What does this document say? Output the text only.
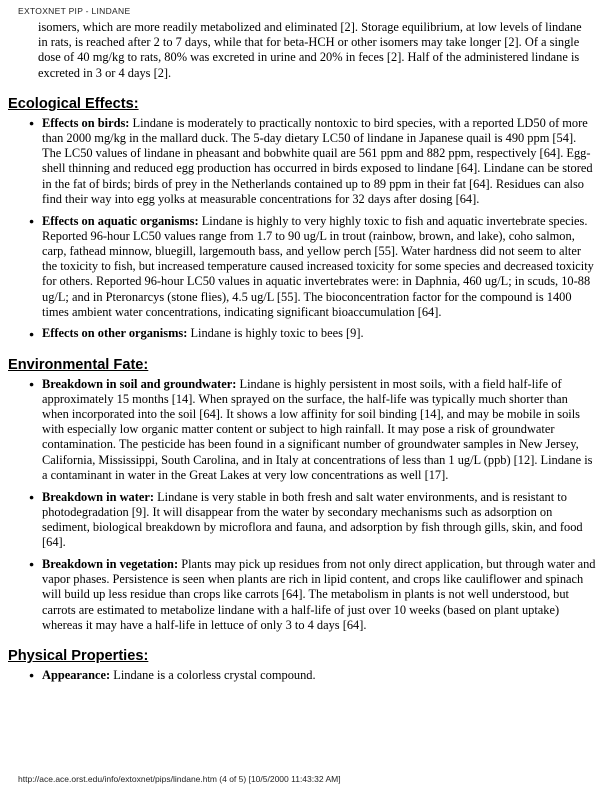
EXTOXNET PIP - LINDANE

isomers, which are more readily metabolized and eliminated [2]. Storage equilibrium, at low levels of lindane in rats, is reached after 2 to 7 days, while that for beta-HCH or other isomers may take longer [2]. Of a single dose of 40 mg/kg to rats, 80% was excreted in urine and 20% in feces [2]. Half of the administered lindane is excreted in 3 or 4 days [2].

Ecological Effects:
● Effects on birds: Lindane is moderately to practically nontoxic to bird species, with a reported LD50 of more than 2000 mg/kg in the mallard duck. The 5-day dietary LC50 of lindane in Japanese quail is 490 ppm [54]. The LC50 values of lindane in pheasant and bobwhite quail are 561 ppm and 882 ppm, respectively [64]. Egg-shell thinning and reduced egg production has occurred in birds exposed to lindane [64]. Lindane can be stored in the fat of birds; birds of prey in the Netherlands contained up to 89 ppm in their fat [64]. Residues can also find their way into egg yolks at measurable concentrations for 32 days after dosing [64].
● Effects on aquatic organisms: Lindane is highly to very highly toxic to fish and aquatic invertebrate species. Reported 96-hour LC50 values range from 1.7 to 90 ug/L in trout (rainbow, brown, and lake), coho salmon, carp, fathead minnow, bluegill, largemouth bass, and yellow perch [55]. Water hardness did not seem to alter the toxicity to fish, but increased temperature caused increased toxicity for some species and decreased toxicity for others. Reported 96-hour LC50 values in aquatic invertebrates were: in Daphnia, 460 ug/L; in scuds, 10-88 ug/L; and in Pteronarcys (stone flies), 4.5 ug/L [55]. The bioconcentration factor for the compound is 1400 times ambient water concentrations, indicating significant bioaccumulation [64].
● Effects on other organisms: Lindane is highly toxic to bees [9].
Environmental Fate:
● Breakdown in soil and groundwater: Lindane is highly persistent in most soils, with a field half-life of approximately 15 months [14]. When sprayed on the surface, the half-life was typically much shorter than when incorporated into the soil [64]. It shows a low affinity for soil binding [14], and may be mobile in soils with especially low organic matter content or subject to high rainfall. It may pose a risk of groundwater contamination. The pesticide has been found in a significant number of groundwater samples in New Jersey, California, Mississippi, South Carolina, and in Italy at concentrations of less than 1 ug/L (ppb) [12]. Lindane is a contaminant in water in the Great Lakes at very low concentrations as well [17].
● Breakdown in water: Lindane is very stable in both fresh and salt water environments, and is resistant to photodegradation [9]. It will disappear from the water by secondary mechanisms such as adsorption on sediment, biological breakdown by microflora and fauna, and adsorption by fish through gills, skin, and food [64].
● Breakdown in vegetation: Plants may pick up residues from not only direct application, but through water and vapor phases. Persistence is seen when plants are rich in lipid content, and crops like cauliflower and spinach will build up less residue than crops like carrots [64]. The metabolism in plants is not well understood, but carrots are estimated to metabolize lindane with a half-life of just over 10 weeks (based on plant uptake) whereas it may have a half-life in lettuce of only 3 to 4 days [64].
Physical Properties:
● Appearance: Lindane is a colorless crystal compound.
http://ace.ace.orst.edu/info/extoxnet/pips/lindane.htm (4 of 5) [10/5/2000 11:43:32 AM]
